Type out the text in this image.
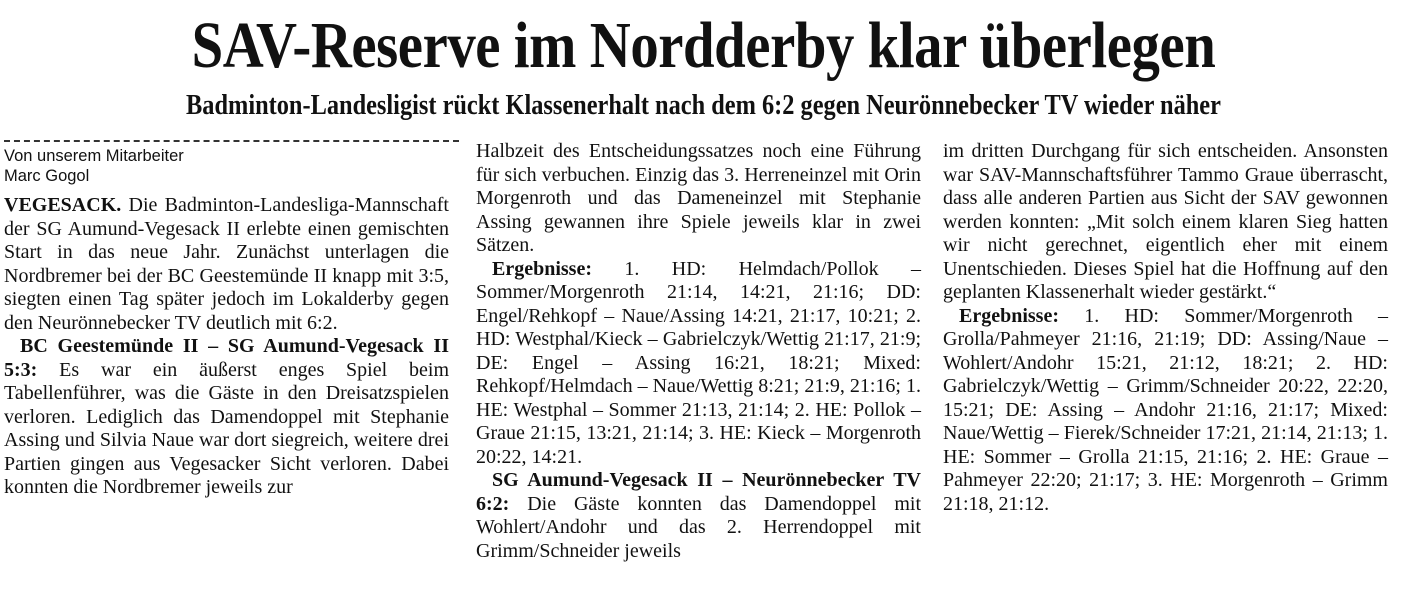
SAV-Reserve im Nordderby klar überlegen
Badminton-Landesligist rückt Klassenerhalt nach dem 6:2 gegen Neurönnebecker TV wieder näher
Von unserem Mitarbeiter
Marc Gogol

VEGESACK. Die Badminton-Landesliga-Mannschaft der SG Aumund-Vegesack II erlebte einen gemischten Start in das neue Jahr. Zunächst unterlagen die Nordbremer bei der BC Geestemünde II knapp mit 3:5, siegten einen Tag später jedoch im Lokalderby gegen den Neurönnebecker TV deutlich mit 6:2.

BC Geestemünde II – SG Aumund-Vegesack II 5:3: Es war ein äußerst enges Spiel beim Tabellenführer, was die Gäste in den Dreisatzspielen verloren. Lediglich das Damendoppel mit Stephanie Assing und Silvia Naue war dort siegreich, weitere drei Partien gingen aus Vegesacker Sicht verloren. Dabei konnten die Nordbremer jeweils zur

Halbzeit des Entscheidungssatzes noch eine Führung für sich verbuchen. Einzig das 3. Herreneinzel mit Orin Morgenroth und das Dameneinzel mit Stephanie Assing gewannen ihre Spiele jeweils klar in zwei Sätzen.

Ergebnisse: 1. HD: Helmdach/Pollok – Sommer/Morgenroth 21:14, 14:21, 21:16; DD: Engel/Rehkopf – Naue/Assing 14:21, 21:17, 10:21; 2. HD: Westphal/Kieck – Gabrielczyk/Wettig 21:17, 21:9; DE: Engel – Assing 16:21, 18:21; Mixed: Rehkopf/Helmdach – Naue/Wettig 8:21; 21:9, 21:16; 1. HE: Westphal – Sommer 21:13, 21:14; 2. HE: Pollok – Graue 21:15, 13:21, 21:14; 3. HE: Kieck – Morgenroth 20:22, 14:21.

SG Aumund-Vegesack II – Neurönnebecker TV 6:2: Die Gäste konnten das Damendoppel mit Wohlert/Andohr und das 2. Herrendoppel mit Grimm/Schneider jeweils

im dritten Durchgang für sich entscheiden. Ansonsten war SAV-Mannschaftsführer Tammo Graue überrascht, dass alle anderen Partien aus Sicht der SAV gewonnen werden konnten: „Mit solch einem klaren Sieg hatten wir nicht gerechnet, eigentlich eher mit einem Unentschieden. Dieses Spiel hat die Hoffnung auf den geplanten Klassenerhalt wieder gestärkt.“

Ergebnisse: 1. HD: Sommer/Morgenroth – Grolla/Pahmeyer 21:16, 21:19; DD: Assing/Naue – Wohlert/Andohr 15:21, 21:12, 18:21; 2. HD: Gabrielczyk/Wettig – Grimm/Schneider 20:22, 22:20, 15:21; DE: Assing – Andohr 21:16, 21:17; Mixed: Naue/Wettig – Fierek/Schneider 17:21, 21:14, 21:13; 1. HE: Sommer – Grolla 21:15, 21:16; 2. HE: Graue – Pahmeyer 22:20; 21:17; 3. HE: Morgenroth – Grimm 21:18, 21:12.
